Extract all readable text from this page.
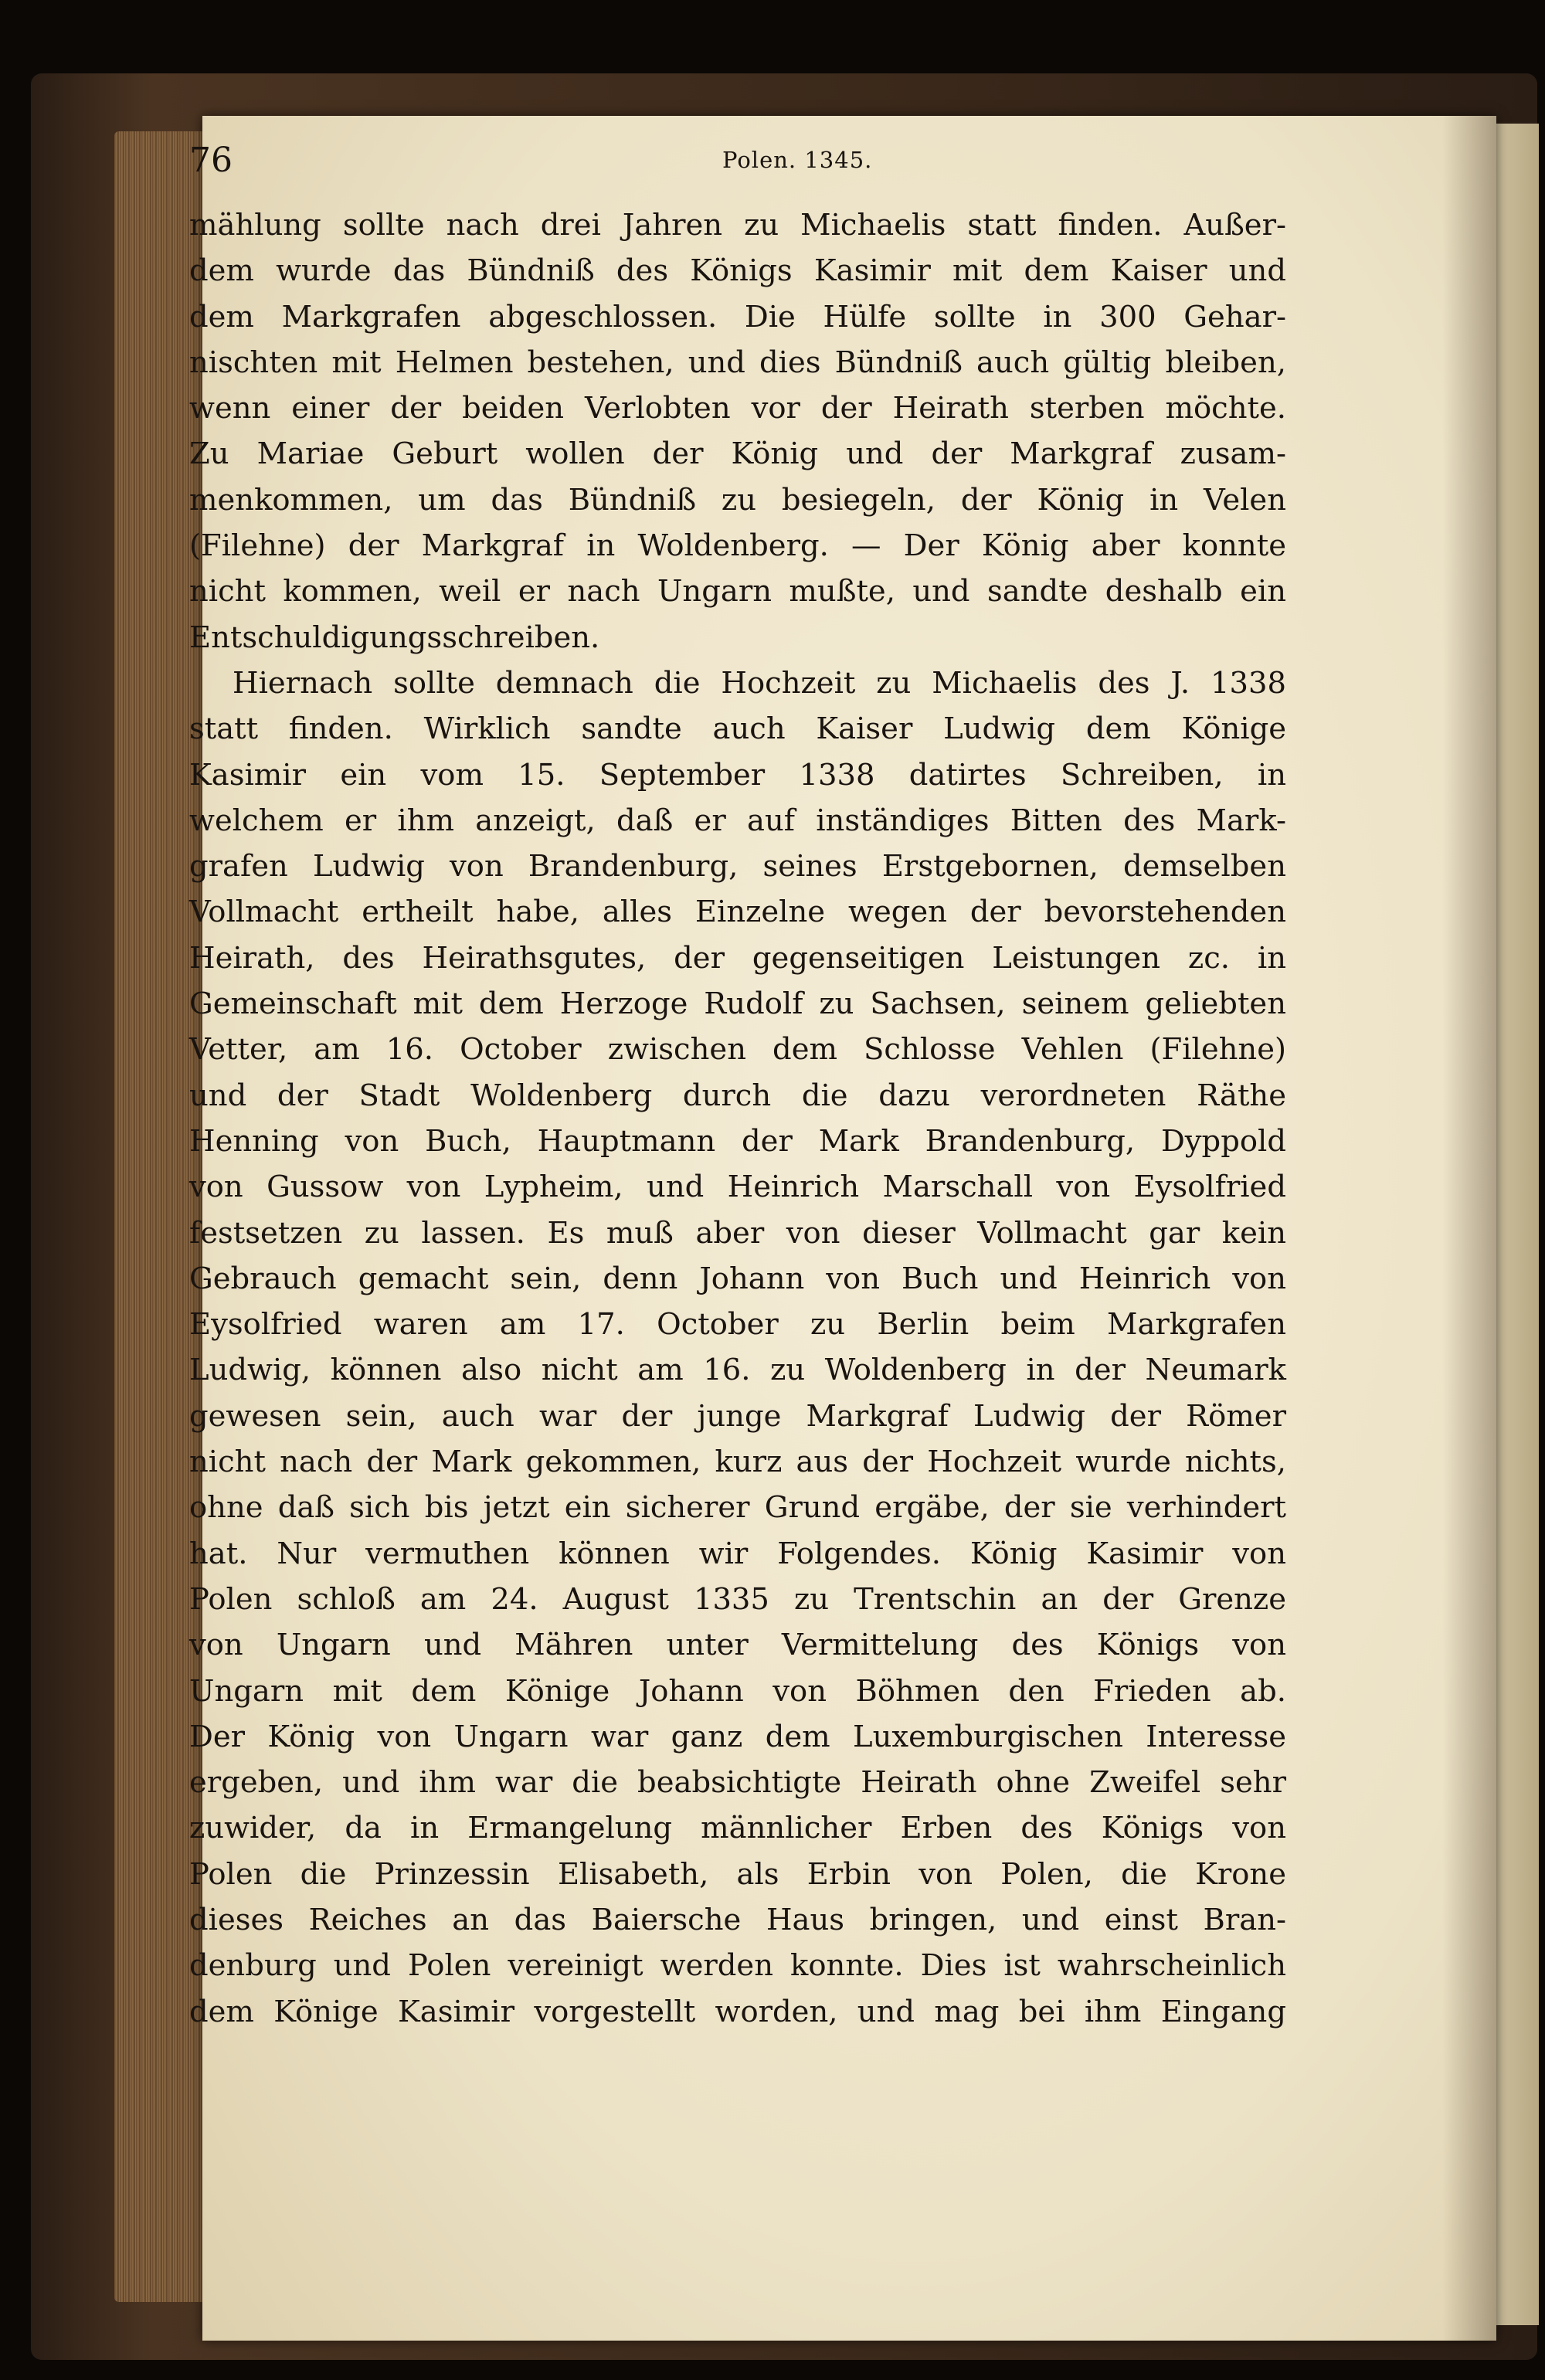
76	Polen. 1345.
mählung sollte nach drei Jahren zu Michaelis statt finden. Außer-
dem wurde das Bündniß des Königs Kasimir mit dem Kaiser und
dem Markgrafen abgeschlossen. Die Hülfe sollte in 300 Gehar-
nischten mit Helmen bestehen, und dies Bündniß auch gültig bleiben,
wenn einer der beiden Verlobten vor der Heirath sterben möchte.
Zu Mariae Geburt wollen der König und der Markgraf zusam-
menkommen, um das Bündniß zu besiegeln, der König in Velen
(Filehne) der Markgraf in Woldenberg. — Der König aber konnte
nicht kommen, weil er nach Ungarn mußte, und sandte deshalb ein
Entschuldigungsschreiben.
Hiernach sollte demnach die Hochzeit zu Michaelis des J. 1338
statt finden. Wirklich sandte auch Kaiser Ludwig dem Könige
Kasimir ein vom 15. September 1338 datirtes Schreiben, in
welchem er ihm anzeigt, daß er auf inständiges Bitten des Mark-
grafen Ludwig von Brandenburg, seines Erstgebornen, demselben
Vollmacht ertheilt habe, alles Einzelne wegen der bevorstehenden
Heirath, des Heirathsgutes, der gegenseitigen Leistungen zc. in
Gemeinschaft mit dem Herzoge Rudolf zu Sachsen, seinem geliebten
Vetter, am 16. October zwischen dem Schlosse Vehlen (Filehne)
und der Stadt Woldenberg durch die dazu verordneten Räthe
Henning von Buch, Hauptmann der Mark Brandenburg, Dyppold
von Gussow von Lypheim, und Heinrich Marschall von Eysolfried
festsetzen zu lassen. Es muß aber von dieser Vollmacht gar kein
Gebrauch gemacht sein, denn Johann von Buch und Heinrich von
Eysolfried waren am 17. October zu Berlin beim Markgrafen
Ludwig, können also nicht am 16. zu Woldenberg in der Neumark
gewesen sein, auch war der junge Markgraf Ludwig der Römer
nicht nach der Mark gekommen, kurz aus der Hochzeit wurde nichts,
ohne daß sich bis jetzt ein sicherer Grund ergäbe, der sie verhindert
hat. Nur vermuthen können wir Folgendes. König Kasimir von
Polen schloß am 24. August 1335 zu Trentschin an der Grenze
von Ungarn und Mähren unter Vermittelung des Königs von
Ungarn mit dem Könige Johann von Böhmen den Frieden ab.
Der König von Ungarn war ganz dem Luxemburgischen Interesse
ergeben, und ihm war die beabsichtigte Heirath ohne Zweifel sehr
zuwider, da in Ermangelung männlicher Erben des Königs von
Polen die Prinzessin Elisabeth, als Erbin von Polen, die Krone
dieses Reiches an das Baiersche Haus bringen, und einst Bran-
denburg und Polen vereinigt werden konnte. Dies ist wahrscheinlich
dem Könige Kasimir vorgestellt worden, und mag bei ihm Eingang
